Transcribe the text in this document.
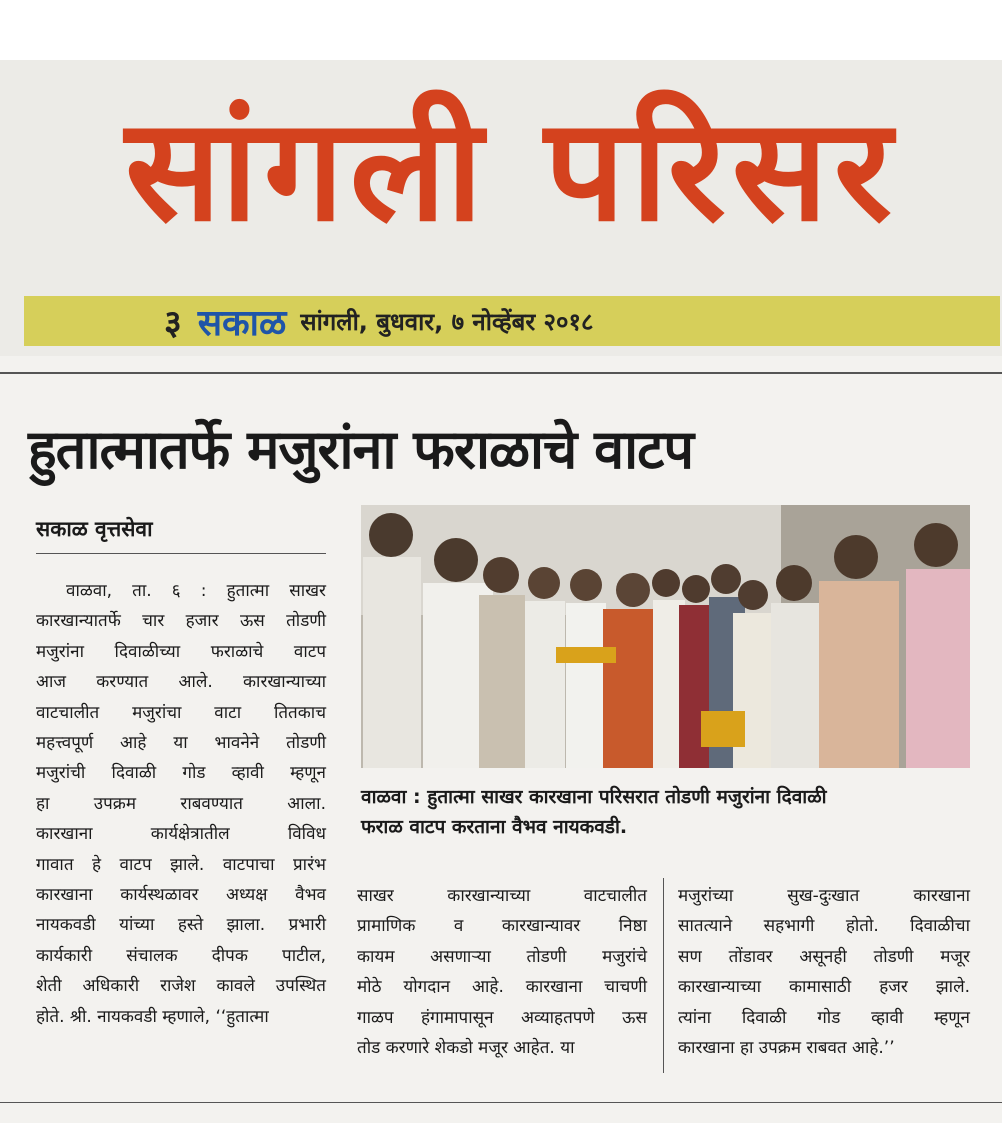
सांगली परिसर
३ सकाळ सांगली, बुधवार, ७ नोव्हेंबर २०१८
हुतात्मातर्फे मजुरांना फराळाचे वाटप
सकाळ वृत्तसेवा

वाळवा, ता. ६ : हुतात्मा साखर

कारखान्यातर्फे चार हजार ऊस तोडणी

मजुरांना दिवाळीच्या फराळाचे वाटप

आज करण्यात आले. कारखान्याच्या

वाटचालीत मजुरांचा वाटा तितकाच

महत्त्वपूर्ण आहे या भावनेने तोडणी

मजुरांची दिवाळी गोड व्हावी म्हणून

हा उपक्रम राबवण्यात आला.

कारखाना कार्यक्षेत्रातील विविध

गावात हे वाटप झाले. वाटपाचा प्रारंभ

कारखाना कार्यस्थळावर अध्यक्ष वैभव

नायकवडी यांच्या हस्ते झाला. प्रभारी

कार्यकारी संचालक दीपक पाटील,

शेती अधिकारी राजेश कावले उपस्थित

होते. श्री. नायकवडी म्हणाले, ‘‘हुतात्मा

वाळवा : हुतात्मा साखर कारखाना परिसरात तोडणी मजुरांना दिवाळी

फराळ वाटप करताना वैभव नायकवडी.

साखर कारखान्याच्या वाटचालीत

प्रामाणिक व कारखान्यावर निष्ठा

कायम असणाऱ्या तोडणी मजुरांचे

मोठे योगदान आहे. कारखाना चाचणी

गाळप हंगामापासून अव्याहतपणे ऊस

तोड करणारे शेकडो मजूर आहेत. या

मजुरांच्या सुख-दुःखात कारखाना

सातत्याने सहभागी होतो. दिवाळीचा

सण तोंडावर असूनही तोडणी मजूर

कारखान्याच्या कामासाठी हजर झाले.

त्यांना दिवाळी गोड व्हावी म्हणून

कारखाना हा उपक्रम राबवत आहे.’’
